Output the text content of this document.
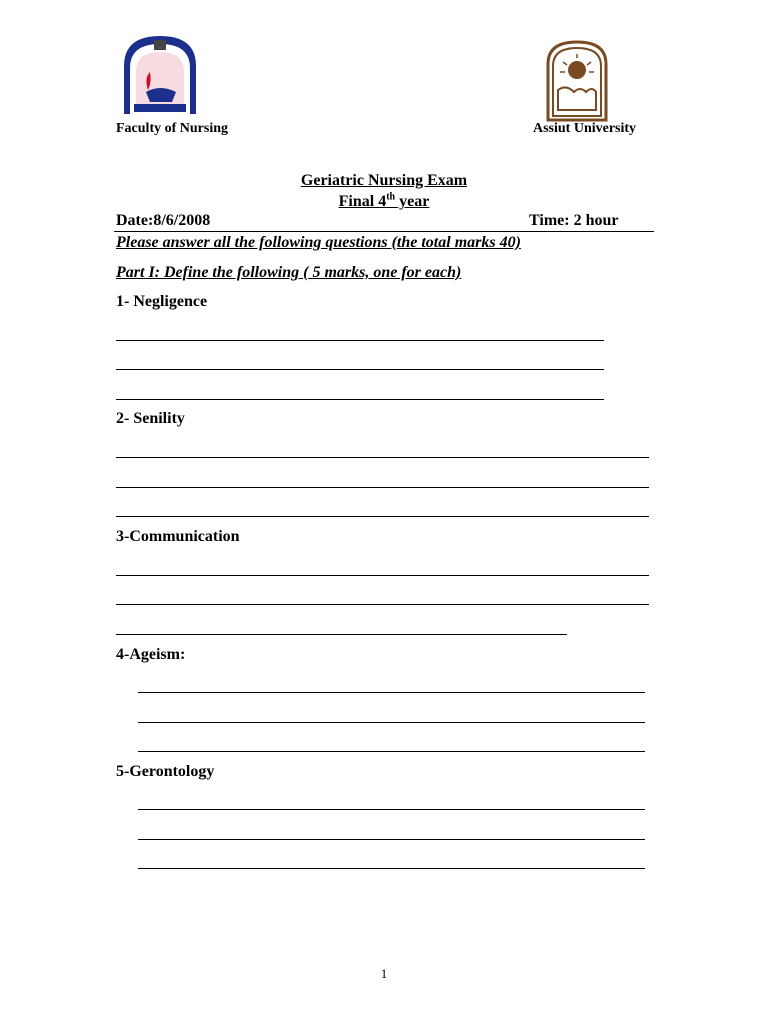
Faculty of Nursing	Assiut University
Geriatric Nursing Exam
Final 4th year
Date:8/6/2008	Time: 2 hour
Please answer all the following questions (the total marks 40)
Part I: Define the following ( 5 marks, one for each)
1- Negligence
2- Senility
3-Communication
4-Ageism:
5-Gerontology
1
